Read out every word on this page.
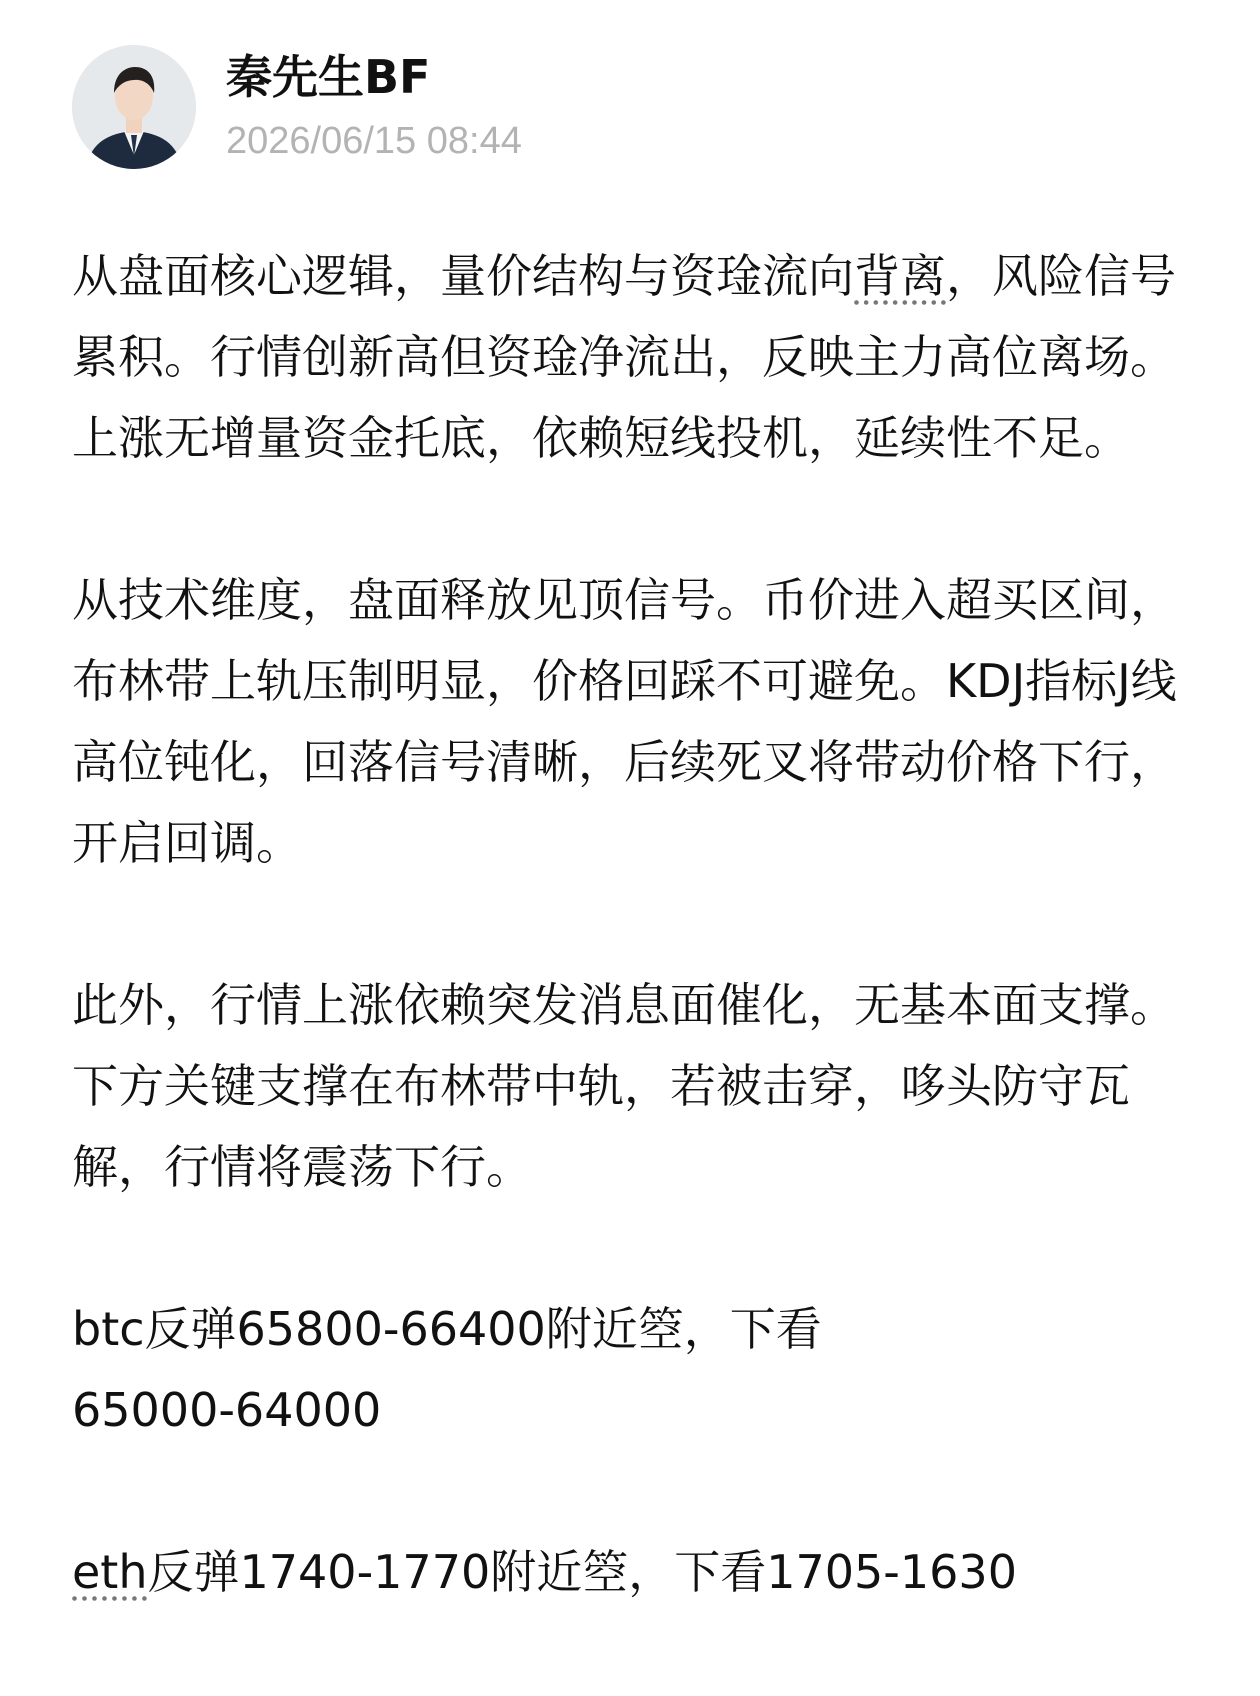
秦先生BF
2026/06/15 08:44

从盘面核心逻辑，量价结构与资琻流向背离，风险信号累积。行情创新高但资琻净流出，反映主力高位离场。上涨无增量资金托底，依赖短线投机，延续性不足。

从技术维度，盘面释放见顶信号。币价进入超买区间，布林带上轨压制明显，价格回踩不可避免。KDJ指标J线高位钝化，回落信号清晰，后续死叉将带动价格下行，开启回调。

此外，行情上涨依赖突发消息面催化，无基本面支撑。下方关键支撑在布林带中轨，若被击穿，哆头防守瓦解，行情将震荡下行。

btc反弹65800-66400附近箜，下看
65000-64000

eth反弹1740-1770附近箜，下看1705-1630
